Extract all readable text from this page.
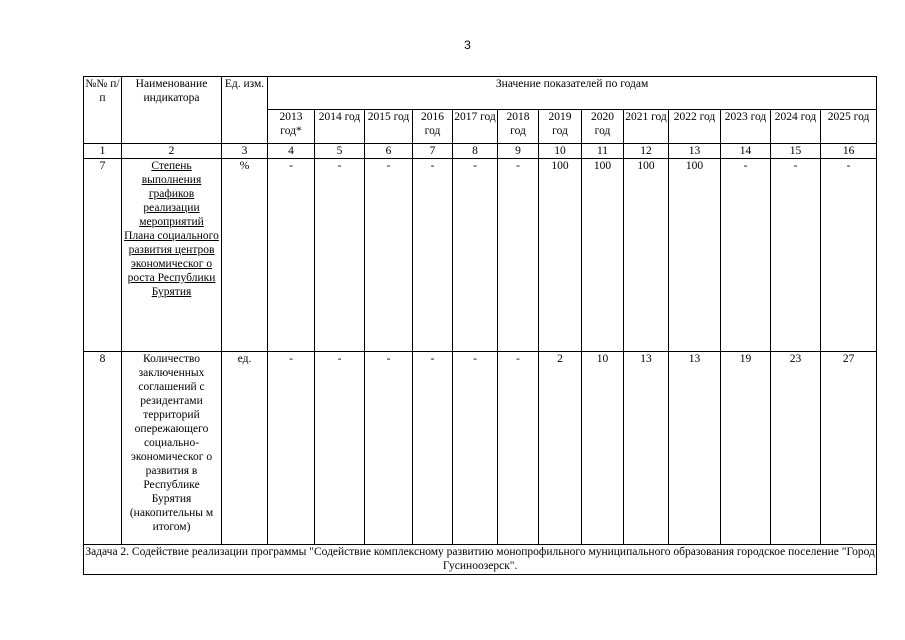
3
№№ п/п	Наименование индикатора	Ед. изм.	Значение показателей по годам												
			2013 год*	2014 год	2015 год	2016 год	2017 год	2018 год	2019 год	2020 год	2021 год	2022 год	2023 год	2024 год	2025 год
1	2	3	4	5	6	7	8	9	10	11	12	13	14	15	16
7	Степень выполнения графиков реализации мероприятий Плана социального развития центров экономическог о роста Республики Бурятия	%	-	-	-	-	-	-	100	100	100	100	-	-	-
8	Количество заключенных соглашений с резидентами территорий опережающего социально- экономическог о развития в Республике Бурятия (накопительны м итогом)	ед.	-	-	-	-	-	-	2	10	13	13	19	23	27
Задача 2. Содействие реализации программы "Содействие комплексному развитию монопрофильного муниципального образования городское поселение "Город Гусиноозерск".															
